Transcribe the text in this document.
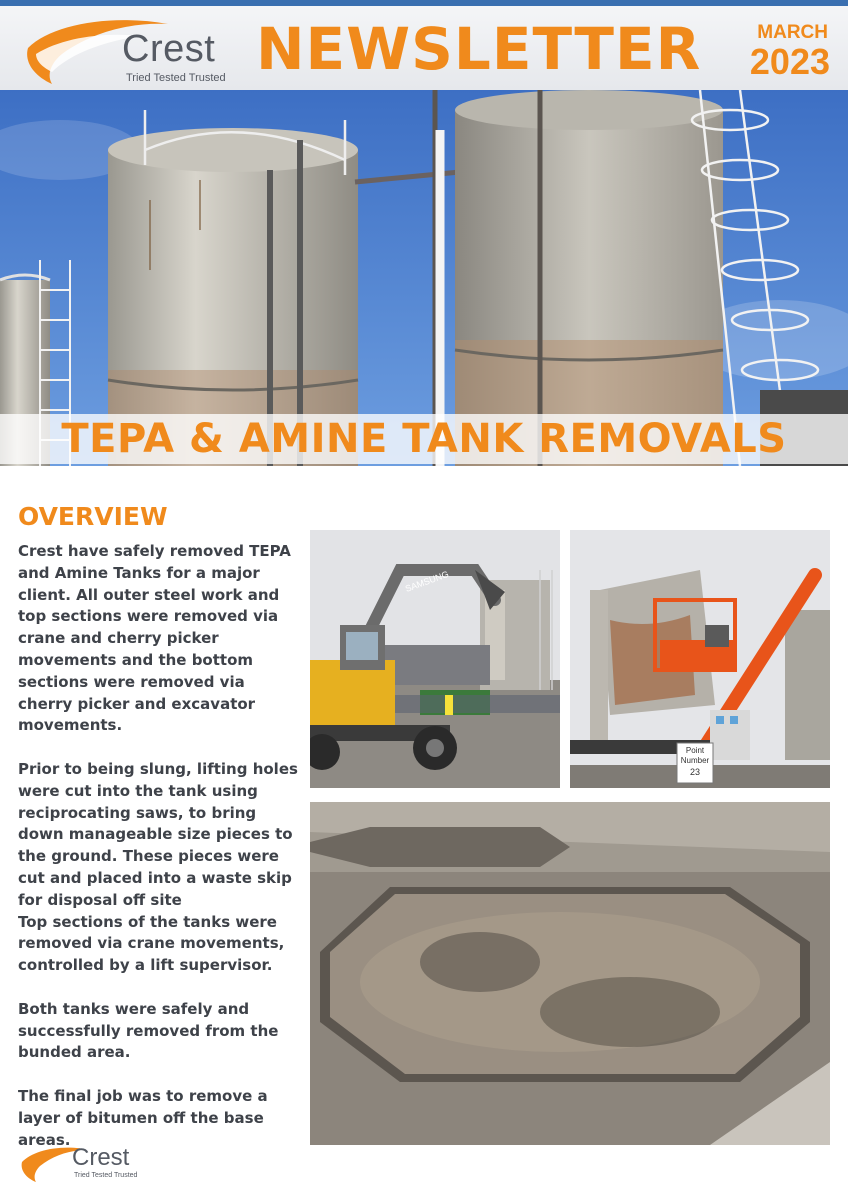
Crest
Tried Tested Trusted NEWSLETTER	MARCH
2023
TEPA & AMINE TANK REMOVALS
OVERVIEW

Crest have safely removed TEPA and Amine Tanks for a major client. All outer steel work and top sections were removed via crane and cherry picker movements and the bottom sections were removed via cherry picker and excavator movements.

Prior to being slung, lifting holes were cut into the tank using reciprocating saws, to bring down manageable size pieces to the ground. These pieces were cut and placed into a waste skip for disposal off site

Top sections of the tanks were removed via crane movements, controlled by a lift supervisor.

Both tanks were safely and successfully removed from the bunded area.

The final job was to remove a layer of bitumen off the base areas.

SAMSUNG
Point
Number
23
Crest
Tried Tested Trusted
